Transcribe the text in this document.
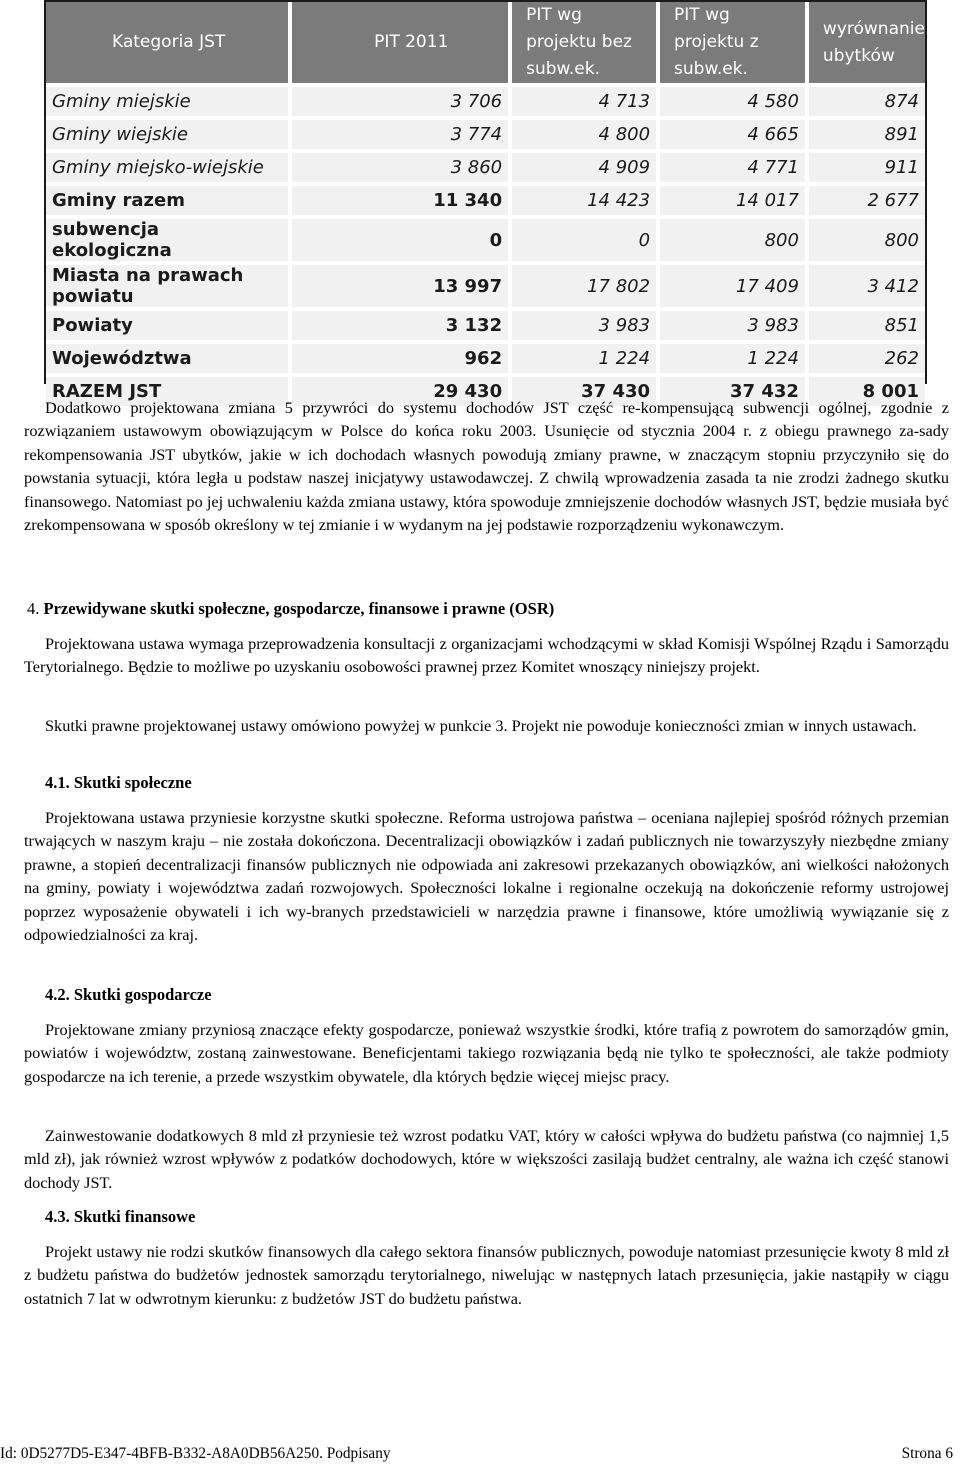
Kategoria JST	PIT 2011	PIT wg projektu bez subw.ek.	PIT wg projektu z subw.ek.	wyrównanie ubytków
Gminy miejskie	3 706	4 713	4 580	874
Gminy wiejskie	3 774	4 800	4 665	891
Gminy miejsko-wiejskie	3 860	4 909	4 771	911
Gminy razem	11 340	14 423	14 017	2 677
subwencja ekologiczna	0	0	800	800
Miasta na prawach powiatu	13 997	17 802	17 409	3 412
Powiaty	3 132	3 983	3 983	851
Województwa	962	1 224	1 224	262
RAZEM JST	29 430	37 430	37 432	8 001

Dodatkowo projektowana zmiana 5 przywróci do systemu dochodów JST część re-kompensującą subwencji ogólnej, zgodnie z rozwiązaniem ustawowym obowiązującym w Polsce do końca roku 2003. Usunięcie od stycznia 2004 r. z obiegu prawnego za-sady rekompensowania JST ubytków, jakie w ich dochodach własnych powodują zmiany prawne, w znaczącym stopniu przyczyniło się do powstania sytuacji, która legła u podstaw naszej inicjatywy ustawodawczej. Z chwilą wprowadzenia zasada ta nie zrodzi żadnego skutku finansowego. Natomiast po jej uchwaleniu każda zmiana ustawy, która spowoduje zmniejszenie dochodów własnych JST, będzie musiała być zrekompensowana w sposób określony w tej zmianie i w wydanym na jej podstawie rozporządzeniu wykonawczym.

4. Przewidywane skutki społeczne, gospodarcze, finansowe i prawne (OSR)

Projektowana ustawa wymaga przeprowadzenia konsultacji z organizacjami wchodzącymi w skład Komisji Wspólnej Rządu i Samorządu Terytorialnego. Będzie to możliwe po uzyskaniu osobowości prawnej przez Komitet wnoszący niniejszy projekt.

Skutki prawne projektowanej ustawy omówiono powyżej w punkcie 3. Projekt nie powoduje konieczności zmian w innych ustawach.

4.1. Skutki społeczne

Projektowana ustawa przyniesie korzystne skutki społeczne. Reforma ustrojowa państwa – oceniana najlepiej spośród różnych przemian trwających w naszym kraju – nie została dokończona. Decentralizacji obowiązków i zadań publicznych nie towarzyszyły niezbędne zmiany prawne, a stopień decentralizacji finansów publicznych nie odpowiada ani zakresowi przekazanych obowiązków, ani wielkości nałożonych na gminy, powiaty i województwa zadań rozwojowych. Społeczności lokalne i regionalne oczekują na dokończenie reformy ustrojowej poprzez wyposażenie obywateli i ich wy-branych przedstawicieli w narzędzia prawne i finansowe, które umożliwią wywiązanie się z odpowiedzialności za kraj.

4.2. Skutki gospodarcze

Projektowane zmiany przyniosą znaczące efekty gospodarcze, ponieważ wszystkie środki, które trafią z powrotem do samorządów gmin, powiatów i województw, zostaną zainwestowane. Beneficjentami takiego rozwiązania będą nie tylko te społeczności, ale także podmioty gospodarcze na ich terenie, a przede wszystkim obywatele, dla których będzie więcej miejsc pracy.

Zainwestowanie dodatkowych 8 mld zł przyniesie też wzrost podatku VAT, który w całości wpływa do budżetu państwa (co najmniej 1,5 mld zł), jak również wzrost wpływów z podatków dochodowych, które w większości zasilają budżet centralny, ale ważna ich część stanowi dochody JST.

4.3. Skutki finansowe

Projekt ustawy nie rodzi skutków finansowych dla całego sektora finansów publicznych, powoduje natomiast przesunięcie kwoty 8 mld zł z budżetu państwa do budżetów jednostek samorządu terytorialnego, niwelując w następnych latach przesunięcia, jakie nastąpiły w ciągu ostatnich 7 lat w odwrotnym kierunku: z budżetów JST do budżetu państwa.

Id: 0D5277D5-E347-4BFB-B332-A8A0DB56A250. Podpisany	Strona 6
